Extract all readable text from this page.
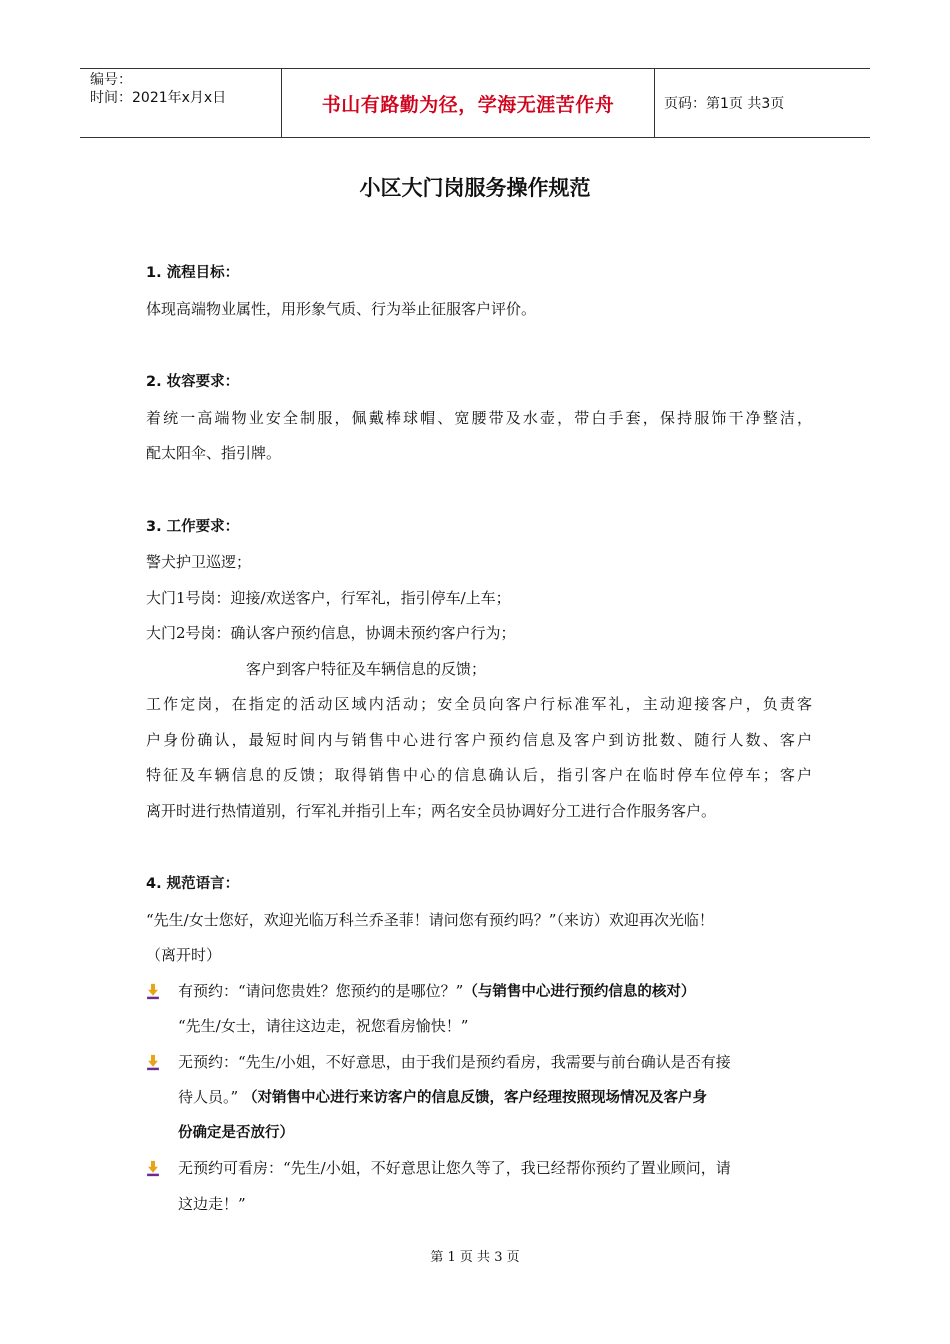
编号：
时间：2021年x月x日	书山有路勤为径，学海无涯苦作舟	页码：第1页 共3页
小区大门岗服务操作规范
1. 流程目标：
体现高端物业属性，用形象气质、行为举止征服客户评价。
2. 妆容要求：
着统一高端物业安全制服，佩戴棒球帽、宽腰带及水壶，带白手套，保持服饰干净整洁，
配太阳伞、指引牌。
3. 工作要求：
警犬护卫巡逻；
大门1号岗：迎接/欢送客户，行军礼，指引停车/上车；
大门2号岗：确认客户预约信息，协调未预约客户行为；
客户到客户特征及车辆信息的反馈；
工作定岗，在指定的活动区域内活动；安全员向客户行标准军礼，主动迎接客户，负责客
户身份确认，最短时间内与销售中心进行客户预约信息及客户到访批数、随行人数、客户
特征及车辆信息的反馈；取得销售中心的信息确认后，指引客户在临时停车位停车；客户
离开时进行热情道别，行军礼并指引上车；两名安全员协调好分工进行合作服务客户。
4. 规范语言：
“先生/女士您好，欢迎光临万科兰乔圣菲！请问您有预约吗？”（来访）欢迎再次光临！
（离开时）
有预约：“请问您贵姓？您预约的是哪位？”（与销售中心进行预约信息的核对）
“先生/女士，请往这边走，祝您看房愉快！”
无预约：“先生/小姐，不好意思，由于我们是预约看房，我需要与前台确认是否有接
待人员。” （对销售中心进行来访客户的信息反馈，客户经理按照现场情况及客户身
份确定是否放行）
无预约可看房：“先生/小姐，不好意思让您久等了，我已经帮你预约了置业顾问，请
这边走！”
第 1 页 共 3 页
